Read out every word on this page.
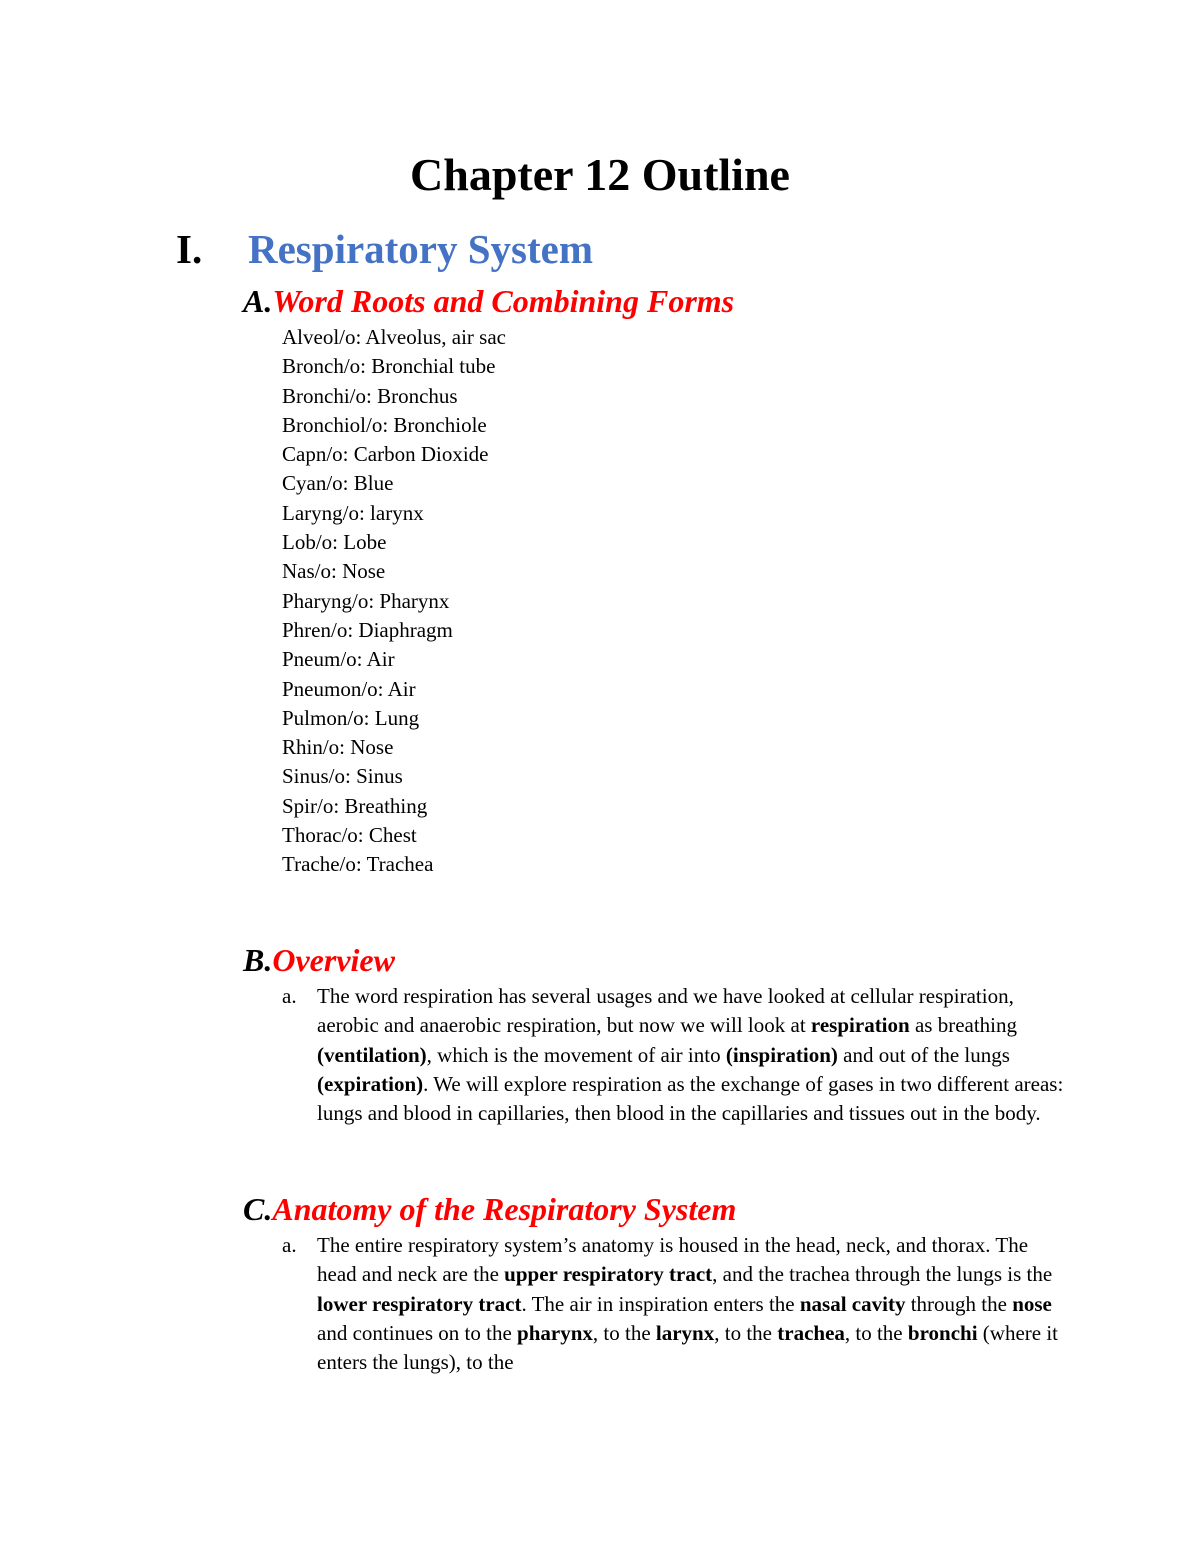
Chapter 12 Outline
I. Respiratory System
A.Word Roots and Combining Forms
Alveol/o: Alveolus, air sac
Bronch/o: Bronchial tube
Bronchi/o: Bronchus
Bronchiol/o: Bronchiole
Capn/o: Carbon Dioxide
Cyan/o: Blue
Laryng/o: larynx
Lob/o: Lobe
Nas/o: Nose
Pharyng/o: Pharynx
Phren/o: Diaphragm
Pneum/o: Air
Pneumon/o: Air
Pulmon/o: Lung
Rhin/o: Nose
Sinus/o: Sinus
Spir/o: Breathing
Thorac/o: Chest
Trache/o: Trachea
B.Overview
a. The word respiration has several usages and we have looked at cellular respiration, aerobic and anaerobic respiration, but now we will look at respiration as breathing (ventilation), which is the movement of air into (inspiration) and out of the lungs (expiration). We will explore respiration as the exchange of gases in two different areas: lungs and blood in capillaries, then blood in the capillaries and tissues out in the body.
C.Anatomy of the Respiratory System
a. The entire respiratory system’s anatomy is housed in the head, neck, and thorax. The head and neck are the upper respiratory tract, and the trachea through the lungs is the lower respiratory tract. The air in inspiration enters the nasal cavity through the nose and continues on to the pharynx, to the larynx, to the trachea, to the bronchi (where it enters the lungs), to the
